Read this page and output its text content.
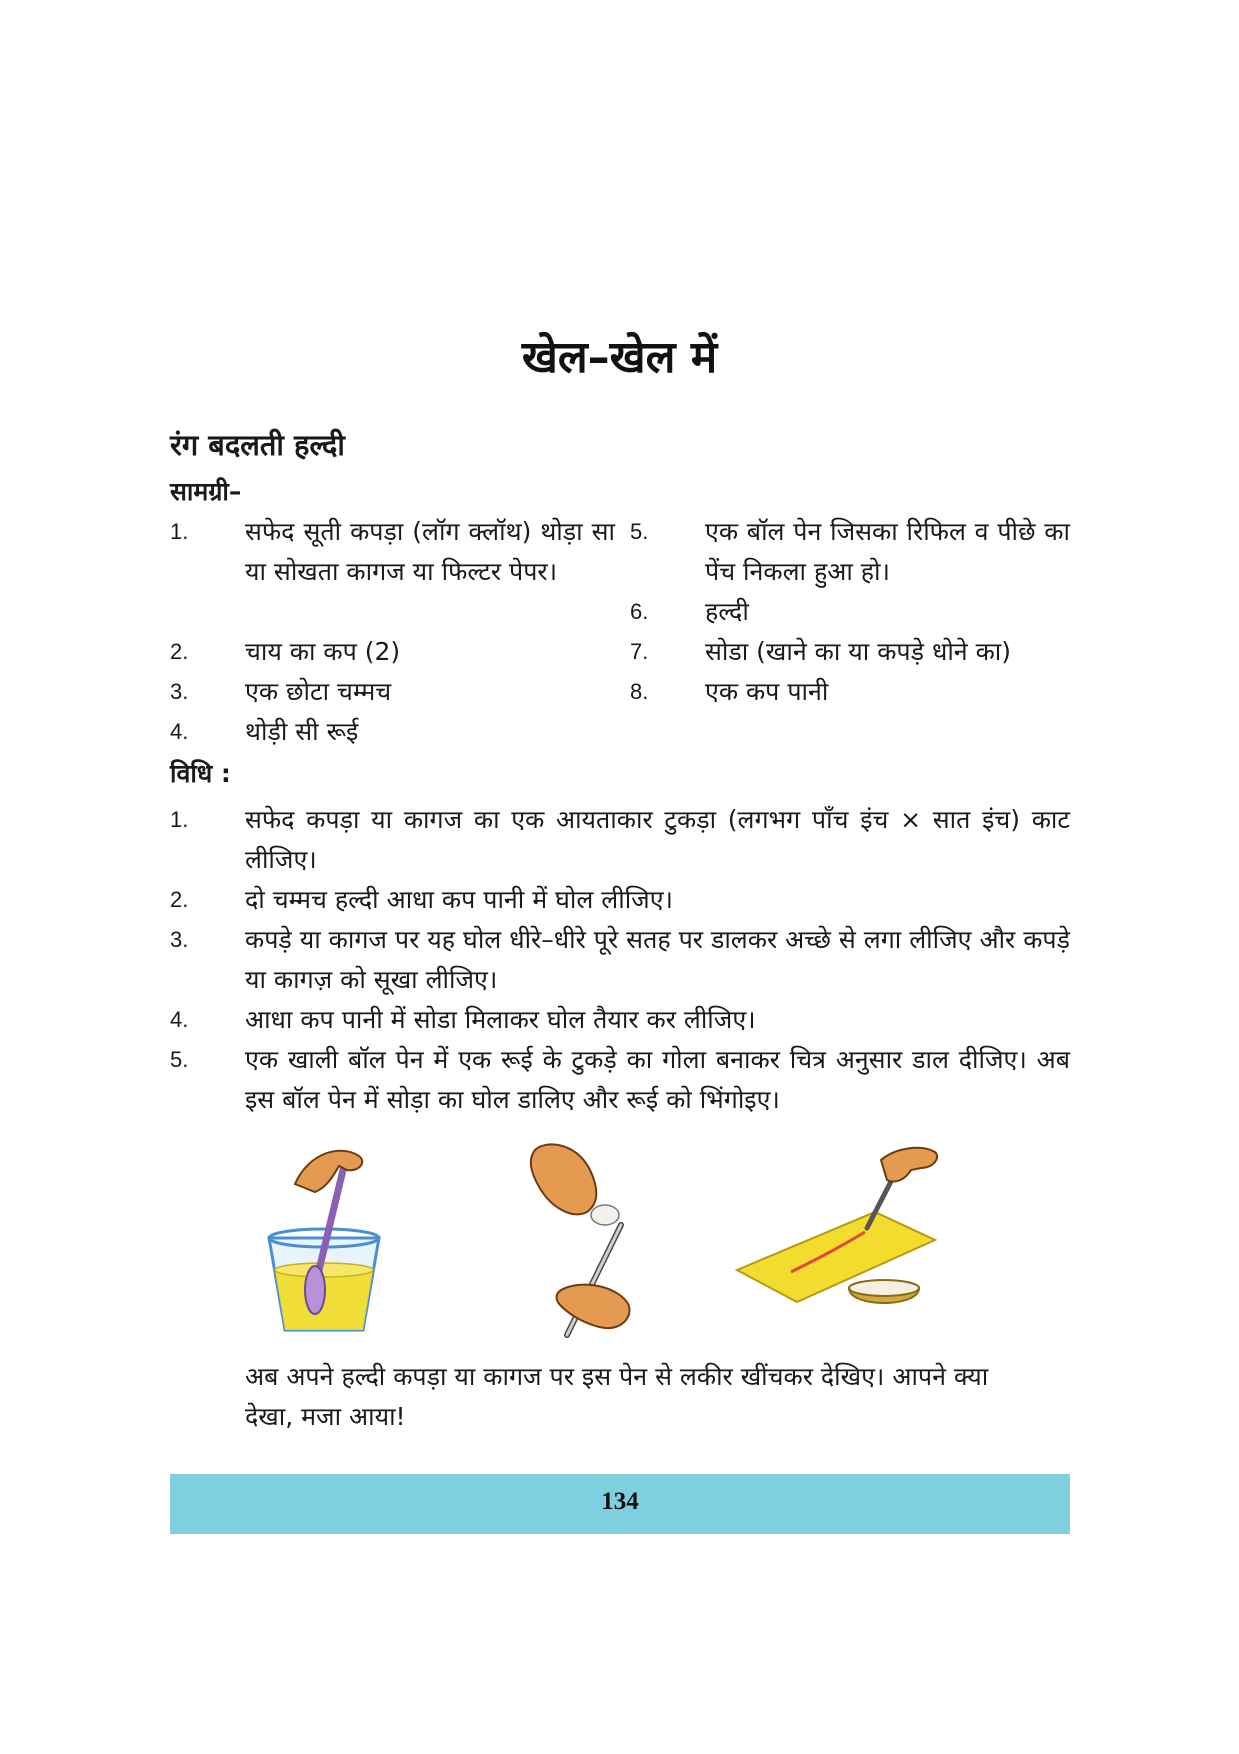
खेल–खेल में
रंग बदलती हल्दी
सामग्री–
1.	सफेद सूती कपड़ा (लॉग क्लॉथ) थोड़ा सा या सोखता कागज या फिल्टर पेपर।
2.	चाय का कप (2)
3.	एक छोटा चम्मच
4.	थोड़ी सी रूई
5.	एक बॉल पेन जिसका रिफिल व पीछे का पेंच निकला हुआ हो।
6.	हल्दी
7.	सोडा (खाने का या कपड़े धोने का)
8.	एक कप पानी
विधि :
1.	सफेद कपड़ा या कागज का एक आयताकार टुकड़ा (लगभग पाँच इंच × सात इंच) काट लीजिए।
2.	दो चम्मच हल्दी आधा कप पानी में घोल लीजिए।
3.	कपड़े या कागज पर यह घोल धीरे–धीरे पूरे सतह पर डालकर अच्छे से लगा लीजिए और कपड़े या कागज़ को सूखा लीजिए।
4.	आधा कप पानी में सोडा मिलाकर घोल तैयार कर लीजिए।
5.	एक खाली बॉल पेन में एक रूई के टुकड़े का गोला बनाकर चित्र अनुसार डाल दीजिए। अब इस बॉल पेन में सोड़ा का घोल डालिए और रूई को भिंगोइए।
अब अपने हल्दी कपड़ा या कागज पर इस पेन से लकीर खींचकर देखिए। आपने क्या देखा, मजा आया!
134
